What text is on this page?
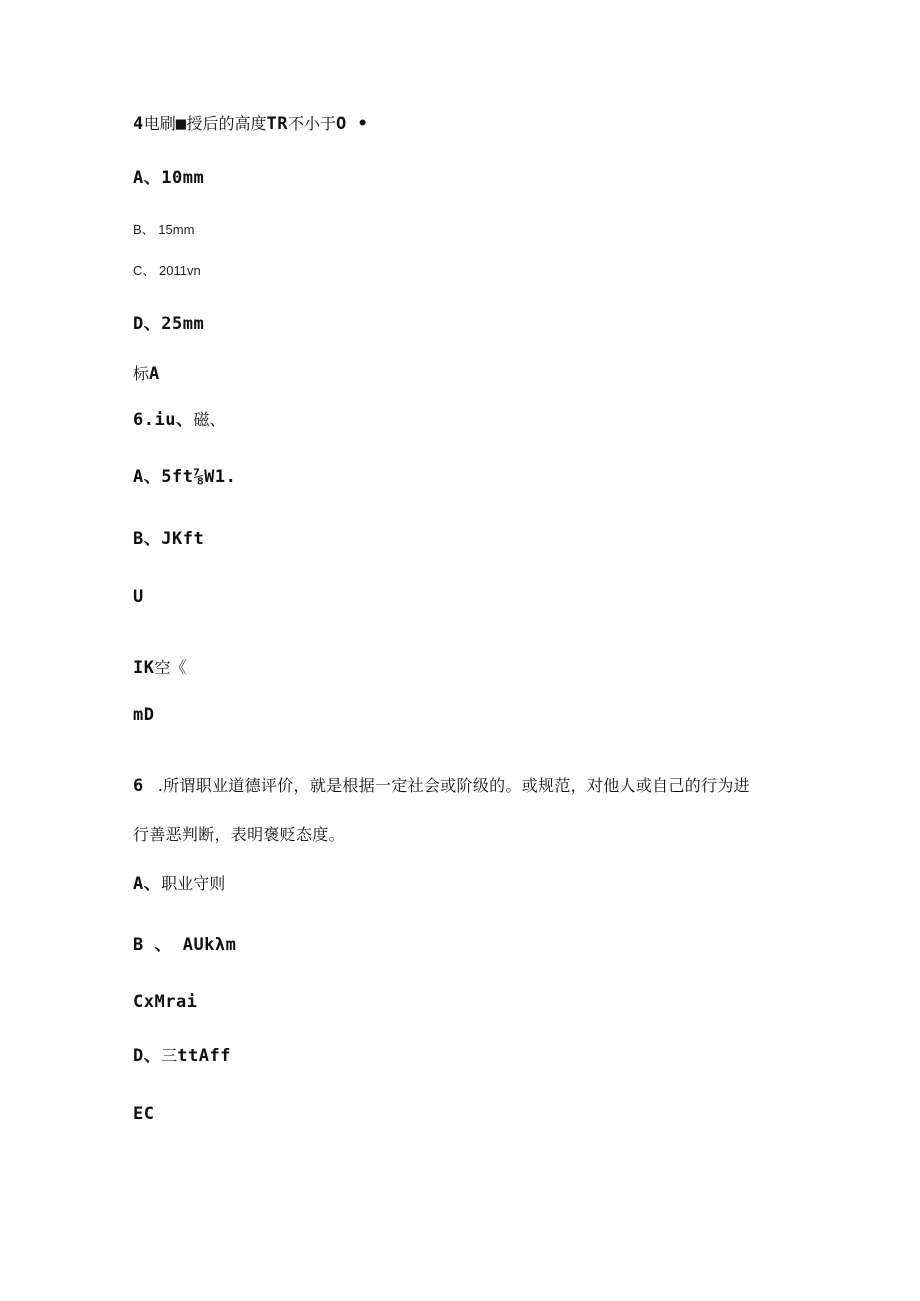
4电刷■授后的高度TR不小于O •
A、10mm
B、 15mm
C、 2011vn
D、25mm
标A
6.iu、磁、
A、5ft⅞W1.
B、JKft
U
IK空《
mD
6 .所谓职业道德评价，就是根据一定社会或阶级的。或规范，对他人或自己的行为进
行善恶判断，表明褒贬态度。
A、职业守则
B 、 AUkλm
CxMrai
D、三ttAff
EC
